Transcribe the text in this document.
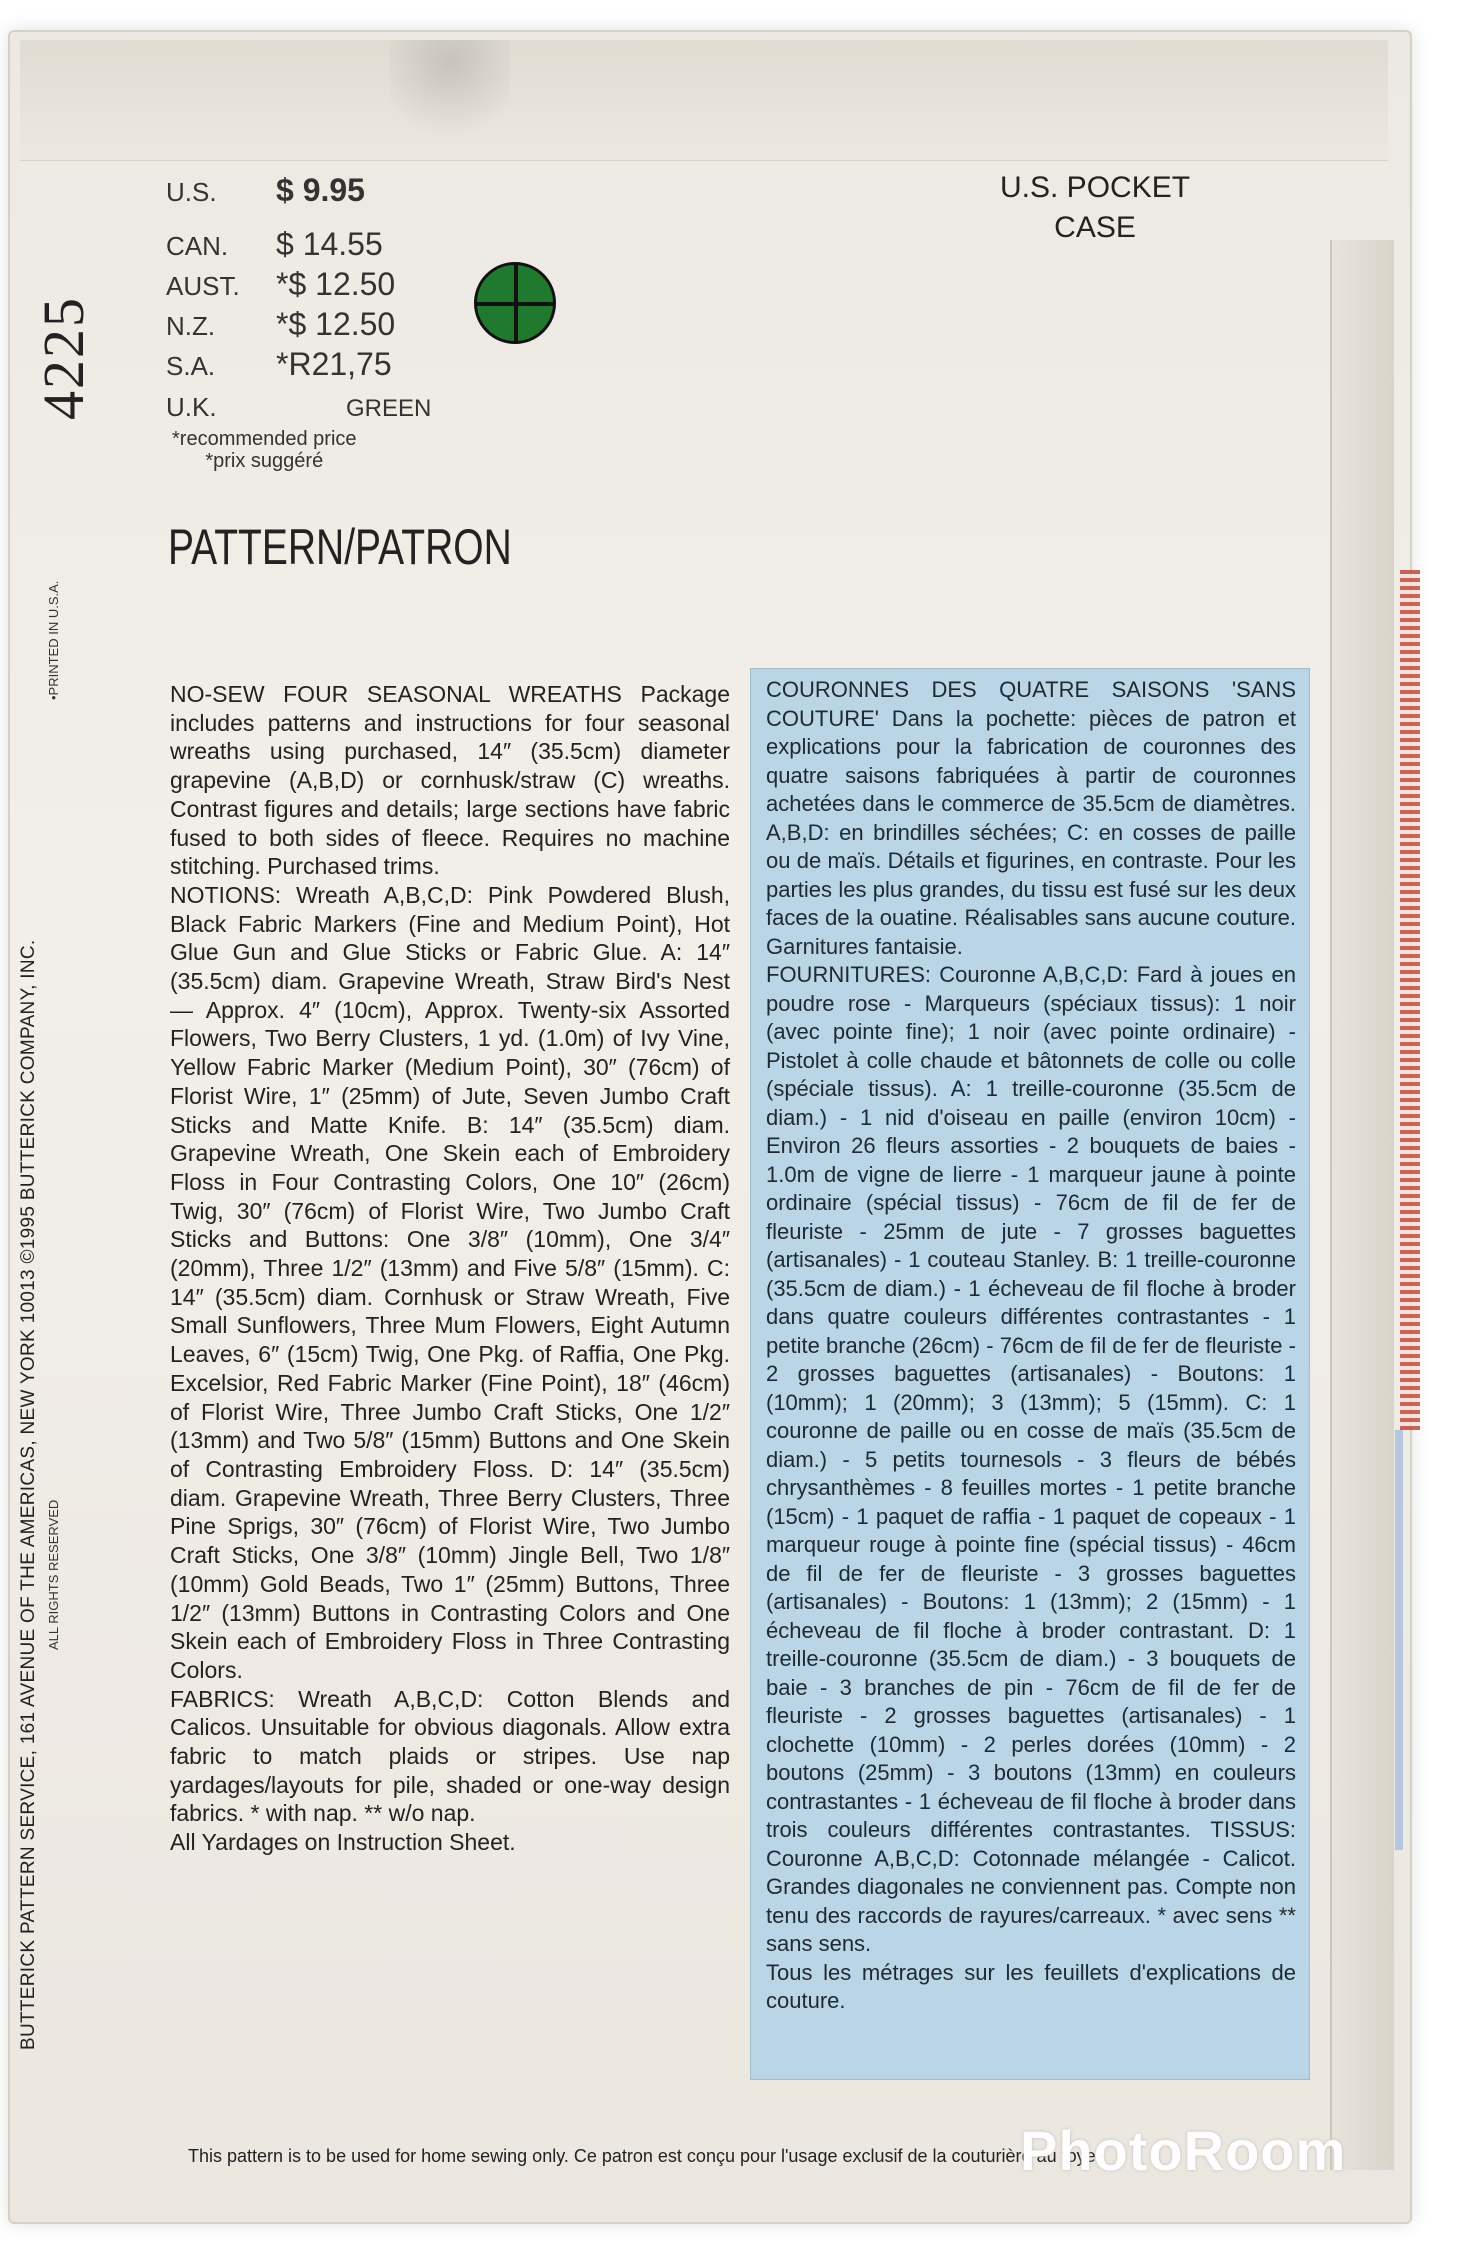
4225
BUTTERICK PATTERN SERVICE, 161 AVENUE OF THE AMERICAS, NEW YORK 10013 ©1995 BUTTERICK COMPANY, INC. ALL RIGHTS RESERVED
•PRINTED IN U.S.A.
U.S.	$ 9.95
CAN.	$ 14.55
AUST.	*$ 12.50
N.Z.	*$ 12.50
S.A.	*R21,75
U.K.	GREEN
*recommended price
*prix suggéré
U.S. POCKET
CASE
PATTERN/PATRON
NO-SEW FOUR SEASONAL WREATHS Package includes patterns and instructions for four seasonal wreaths using purchased, 14″ (35.5cm) diameter grapevine (A,B,D) or cornhusk/straw (C) wreaths. Contrast figures and details; large sections have fabric fused to both sides of fleece. Requires no machine stitching. Purchased trims.
NOTIONS: Wreath A,B,C,D: Pink Powdered Blush, Black Fabric Markers (Fine and Medium Point), Hot Glue Gun and Glue Sticks or Fabric Glue. A: 14″ (35.5cm) diam. Grapevine Wreath, Straw Bird's Nest — Approx. 4″ (10cm), Approx. Twenty-six Assorted Flowers, Two Berry Clusters, 1 yd. (1.0m) of Ivy Vine, Yellow Fabric Marker (Medium Point), 30″ (76cm) of Florist Wire, 1″ (25mm) of Jute, Seven Jumbo Craft Sticks and Matte Knife. B: 14″ (35.5cm) diam. Grapevine Wreath, One Skein each of Embroidery Floss in Four Contrasting Colors, One 10″ (26cm) Twig, 30″ (76cm) of Florist Wire, Two Jumbo Craft Sticks and Buttons: One 3/8″ (10mm), One 3/4″ (20mm), Three 1/2″ (13mm) and Five 5/8″ (15mm). C: 14″ (35.5cm) diam. Cornhusk or Straw Wreath, Five Small Sunflowers, Three Mum Flowers, Eight Autumn Leaves, 6″ (15cm) Twig, One Pkg. of Raffia, One Pkg. Excelsior, Red Fabric Marker (Fine Point), 18″ (46cm) of Florist Wire, Three Jumbo Craft Sticks, One 1/2″ (13mm) and Two 5/8″ (15mm) Buttons and One Skein of Contrasting Embroidery Floss. D: 14″ (35.5cm) diam. Grapevine Wreath, Three Berry Clusters, Three Pine Sprigs, 30″ (76cm) of Florist Wire, Two Jumbo Craft Sticks, One 3/8″ (10mm) Jingle Bell, Two 1/8″ (10mm) Gold Beads, Two 1″ (25mm) Buttons, Three 1/2″ (13mm) Buttons in Contrasting Colors and One Skein each of Embroidery Floss in Three Contrasting Colors.
FABRICS: Wreath A,B,C,D: Cotton Blends and Calicos. Unsuitable for obvious diagonals. Allow extra fabric to match plaids or stripes. Use nap yardages/layouts for pile, shaded or one-way design fabrics. * with nap. ** w/o nap.
All Yardages on Instruction Sheet.
COURONNES DES QUATRE SAISONS 'SANS COUTURE' Dans la pochette: pièces de patron et explications pour la fabrication de couronnes des quatre saisons fabriquées à partir de couronnes achetées dans le commerce de 35.5cm de diamètres. A,B,D: en brindilles séchées; C: en cosses de paille ou de maïs. Détails et figurines, en contraste. Pour les parties les plus grandes, du tissu est fusé sur les deux faces de la ouatine. Réalisables sans aucune couture. Garnitures fantaisie.
FOURNITURES: Couronne A,B,C,D: Fard à joues en poudre rose - Marqueurs (spéciaux tissus): 1 noir (avec pointe fine); 1 noir (avec pointe ordinaire) - Pistolet à colle chaude et bâtonnets de colle ou colle (spéciale tissus). A: 1 treille-couronne (35.5cm de diam.) - 1 nid d'oiseau en paille (environ 10cm) - Environ 26 fleurs assorties - 2 bouquets de baies - 1.0m de vigne de lierre - 1 marqueur jaune à pointe ordinaire (spécial tissus) - 76cm de fil de fer de fleuriste - 25mm de jute - 7 grosses baguettes (artisanales) - 1 couteau Stanley. B: 1 treille-couronne (35.5cm de diam.) - 1 écheveau de fil floche à broder dans quatre couleurs différentes contrastantes - 1 petite branche (26cm) - 76cm de fil de fer de fleuriste - 2 grosses baguettes (artisanales) - Boutons: 1 (10mm); 1 (20mm); 3 (13mm); 5 (15mm). C: 1 couronne de paille ou en cosse de maïs (35.5cm de diam.) - 5 petits tournesols - 3 fleurs de bébés chrysanthèmes - 8 feuilles mortes - 1 petite branche (15cm) - 1 paquet de raffia - 1 paquet de copeaux - 1 marqueur rouge à pointe fine (spécial tissus) - 46cm de fil de fer de fleuriste - 3 grosses baguettes (artisanales) - Boutons: 1 (13mm); 2 (15mm) - 1 écheveau de fil floche à broder contrastant. D: 1 treille-couronne (35.5cm de diam.) - 3 bouquets de baie - 3 branches de pin - 76cm de fil de fer de fleuriste - 2 grosses baguettes (artisanales) - 1 clochette (10mm) - 2 perles dorées (10mm) - 2 boutons (25mm) - 3 boutons (13mm) en couleurs contrastantes - 1 écheveau de fil floche à broder dans trois couleurs différentes contrastantes. TISSUS: Couronne A,B,C,D: Cotonnade mélangée - Calicot. Grandes diagonales ne conviennent pas. Compte non tenu des raccords de rayures/carreaux. * avec sens ** sans sens.
Tous les métrages sur les feuillets d'explications de couture.
This pattern is to be used for home sewing only. Ce patron est conçu pour l'usage exclusif de la couturière au foyer.
PhotoRoom
